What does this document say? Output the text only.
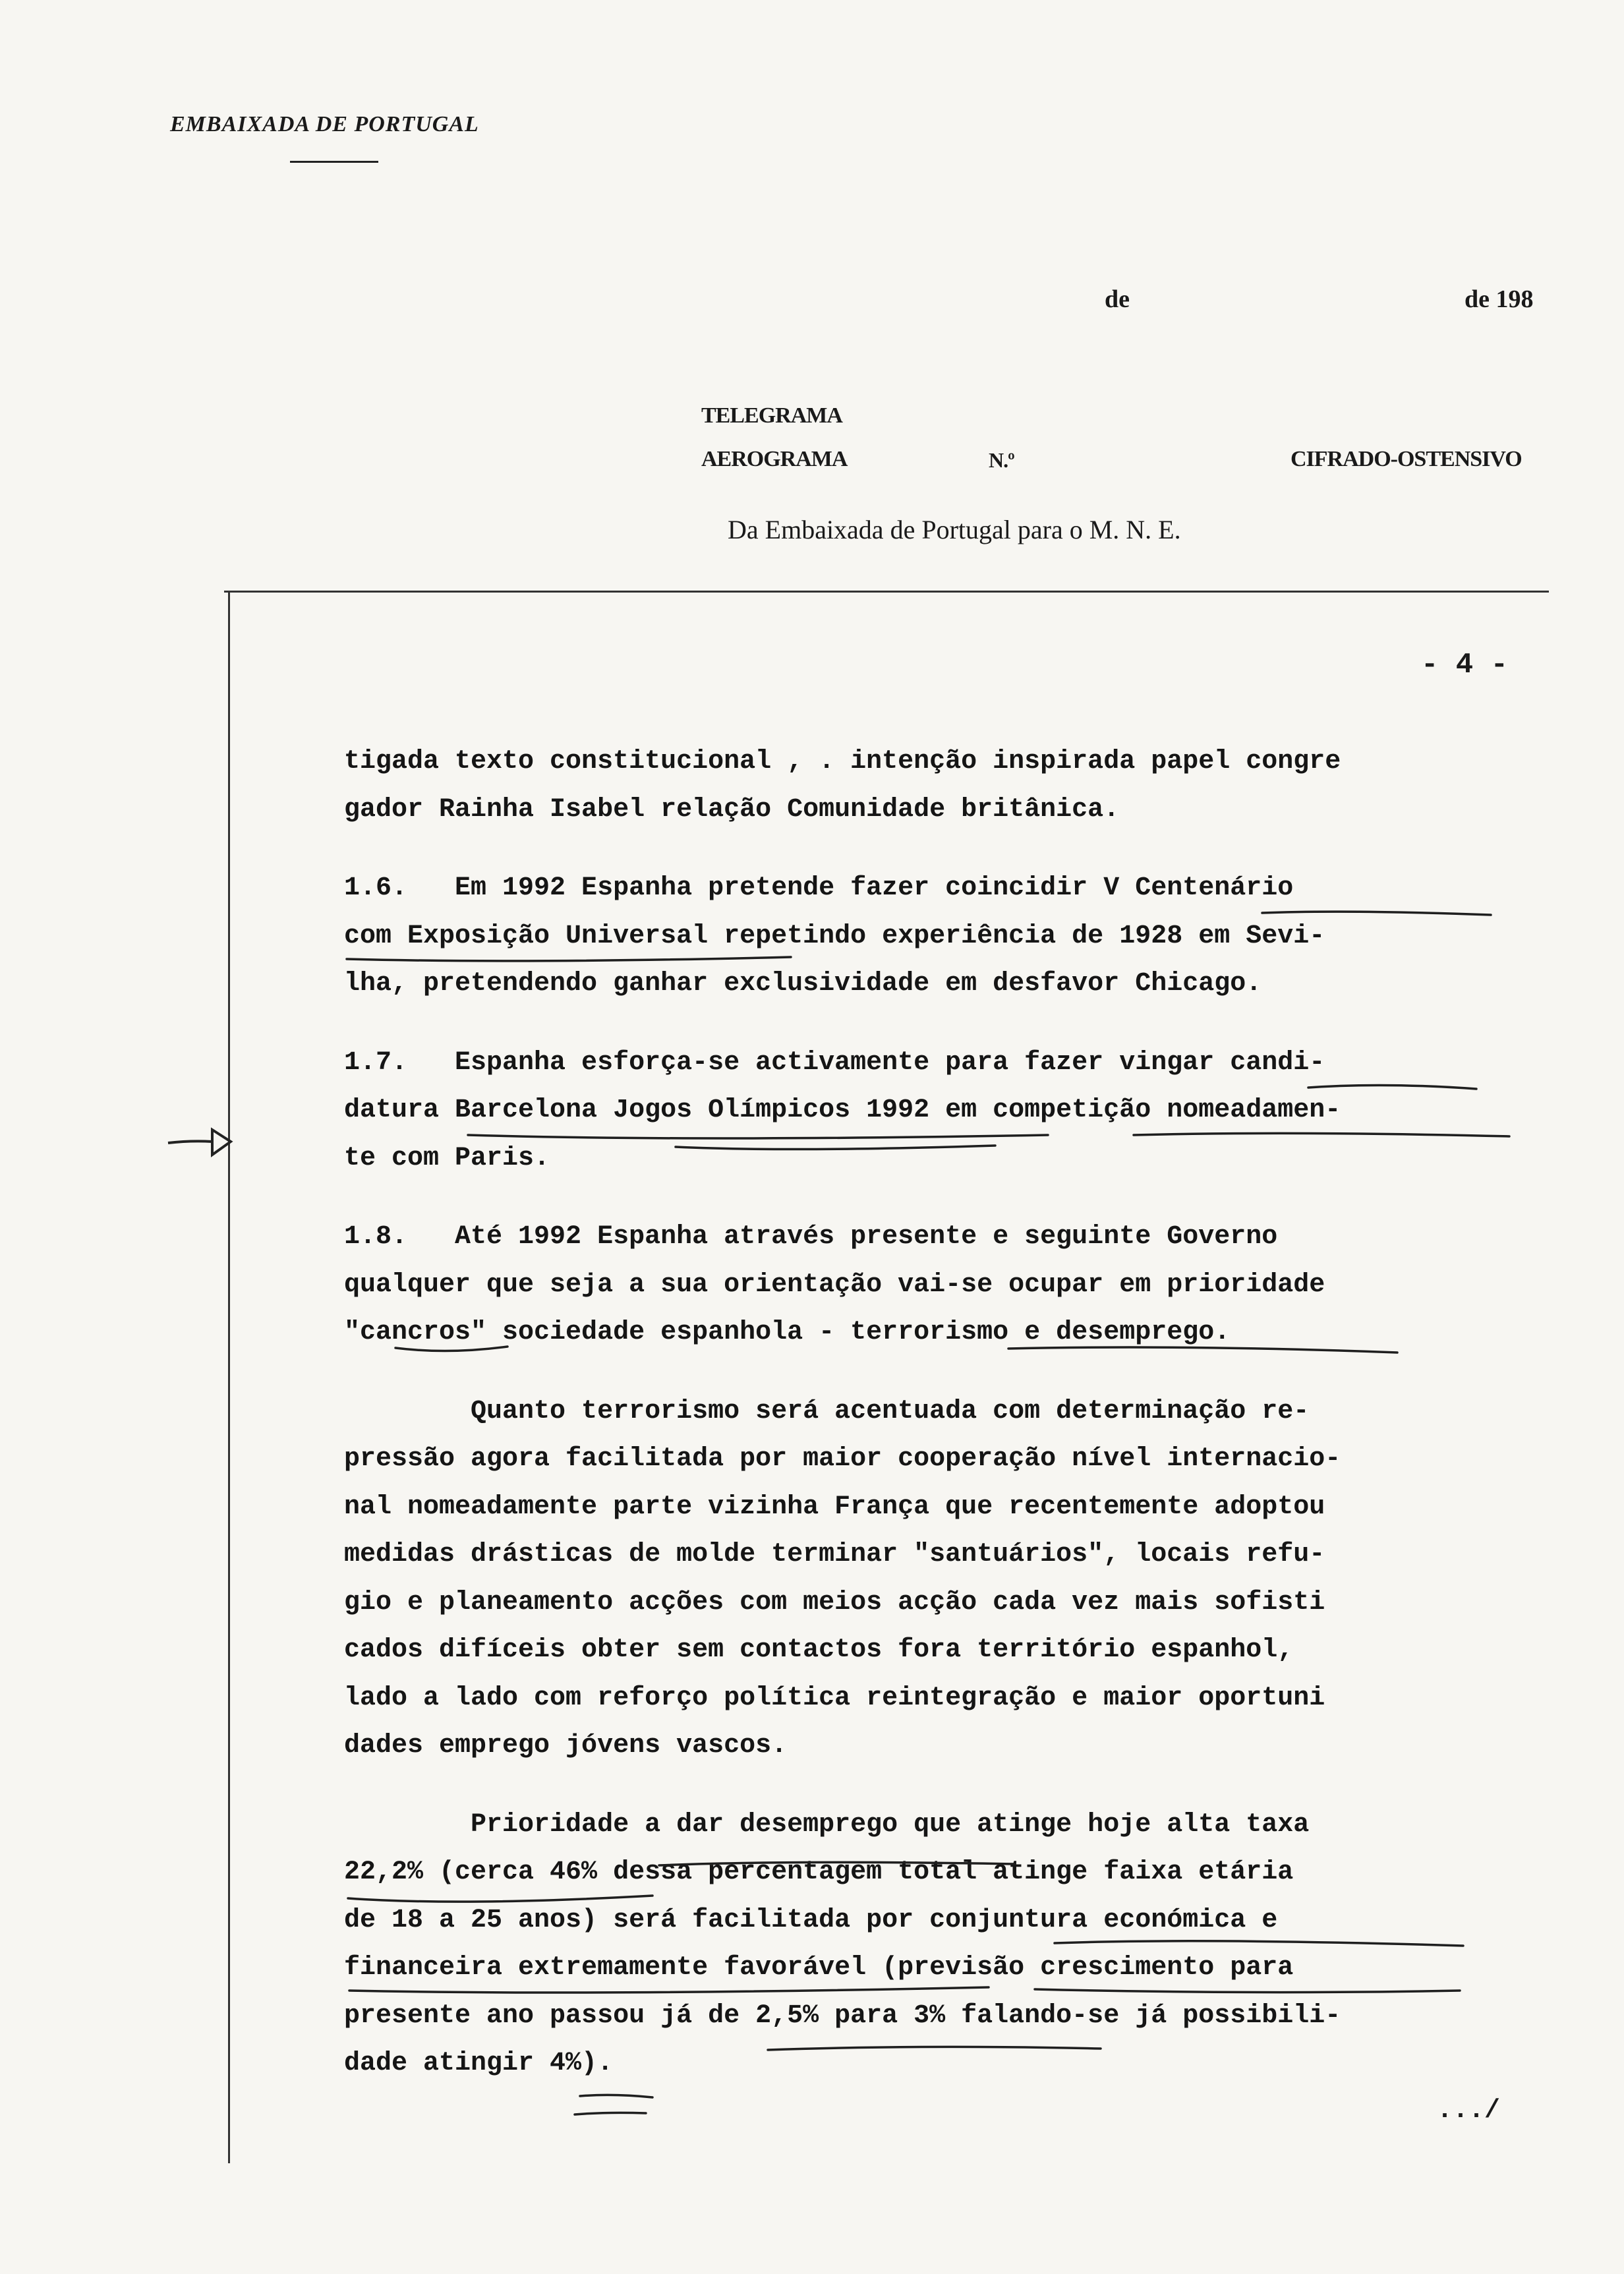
EMBAIXADA DE PORTUGAL
de	de 198
TELEGRAMA
AEROGRAMA	N.º	CIFRADO-OSTENSIVO
Da Embaixada de Portugal para o M. N. E.
- 4 -
tigada texto constitucional , . intenção inspirada papel congre
gador Rainha Isabel relação Comunidade britânica.
1.6.   Em 1992 Espanha pretende fazer coincidir V Centenário
com Exposição Universal repetindo experiência de 1928 em Sevi-
lha, pretendendo ganhar exclusividade em desfavor Chicago.
1.7.   Espanha esforça-se activamente para fazer vingar candi-
datura Barcelona Jogos Olímpicos 1992 em competição nomeadamen-
te com Paris.
1.8.   Até 1992 Espanha através presente e seguinte Governo
qualquer que seja a sua orientação vai-se ocupar em prioridade
"cancros" sociedade espanhola - terrorismo e desemprego.
Quanto terrorismo será acentuada com determinação re-
pressão agora facilitada por maior cooperação nível internacio-
nal nomeadamente parte vizinha França que recentemente adoptou
medidas drásticas de molde terminar "santuários", locais refu-
gio e planeamento acções com meios acção cada vez mais sofisti
cados difíceis obter sem contactos fora território espanhol,
lado a lado com reforço política reintegração e maior oportuni
dades emprego jóvens vascos.
Prioridade a dar desemprego que atinge hoje alta taxa
22,2% (cerca 46% dessa percentagem total atinge faixa etária
de 18 a 25 anos) será facilitada por conjuntura económica e
financeira extremamente favorável (previsão crescimento para
presente ano passou já de 2,5% para 3% falando-se já possibili-
dade atingir 4%).
.../
